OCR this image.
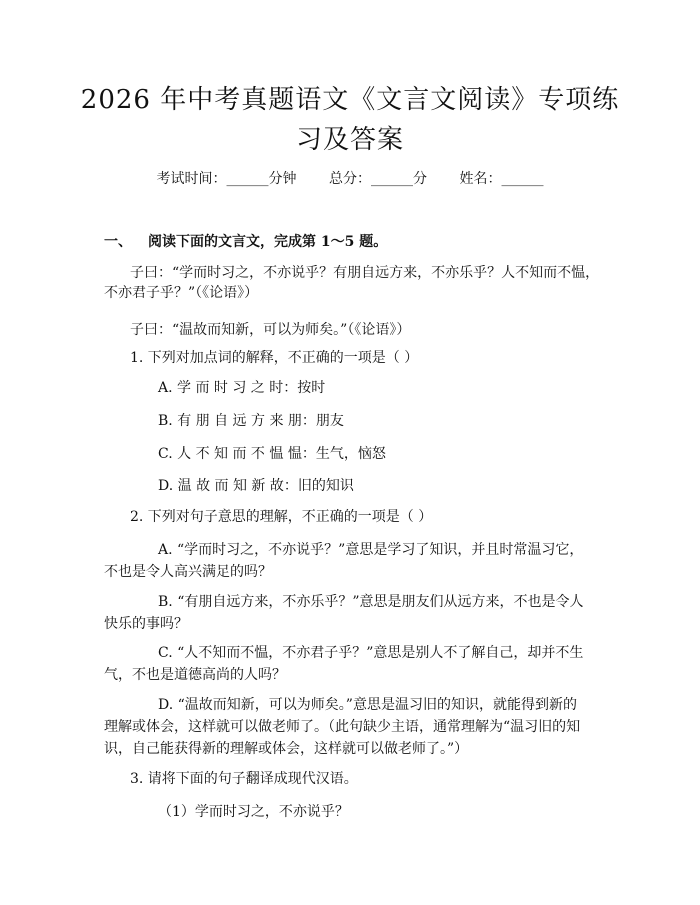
2026 年中考真题语文《文言文阅读》专项练
习及答案
考试时间：______分钟 总分：______分 姓名：______
一、 阅读下面的文言文，完成第 1～5 题。
子曰：“学而时习之，不亦说乎？有朋自远方来，不亦乐乎？人不知而不愠，
不亦君子乎？”（《论语》）
子曰：“温故而知新，可以为师矣。”（《论语》）
1. 下列对加点词的解释，不正确的一项是（ ）
A. 学 而 时 习 之 时：按时
B. 有 朋 自 远 方 来 朋：朋友
C. 人 不 知 而 不 愠 愠：生气，恼怒
D. 温 故 而 知 新 故：旧的知识
2. 下列对句子意思的理解，不正确的一项是（ ）
A. “学而时习之，不亦说乎？”意思是学习了知识，并且时常温习它，
不也是令人高兴满足的吗？
B. “有朋自远方来，不亦乐乎？”意思是朋友们从远方来，不也是令人
快乐的事吗？
C. “人不知而不愠，不亦君子乎？”意思是别人不了解自己，却并不生
气，不也是道德高尚的人吗？
D. “温故而知新，可以为师矣。”意思是温习旧的知识，就能得到新的
理解或体会，这样就可以做老师了。（此句缺少主语，通常理解为“温习旧的知
识，自己能获得新的理解或体会，这样就可以做老师了。”）
3. 请将下面的句子翻译成现代汉语。
（1）学而时习之，不亦说乎？
